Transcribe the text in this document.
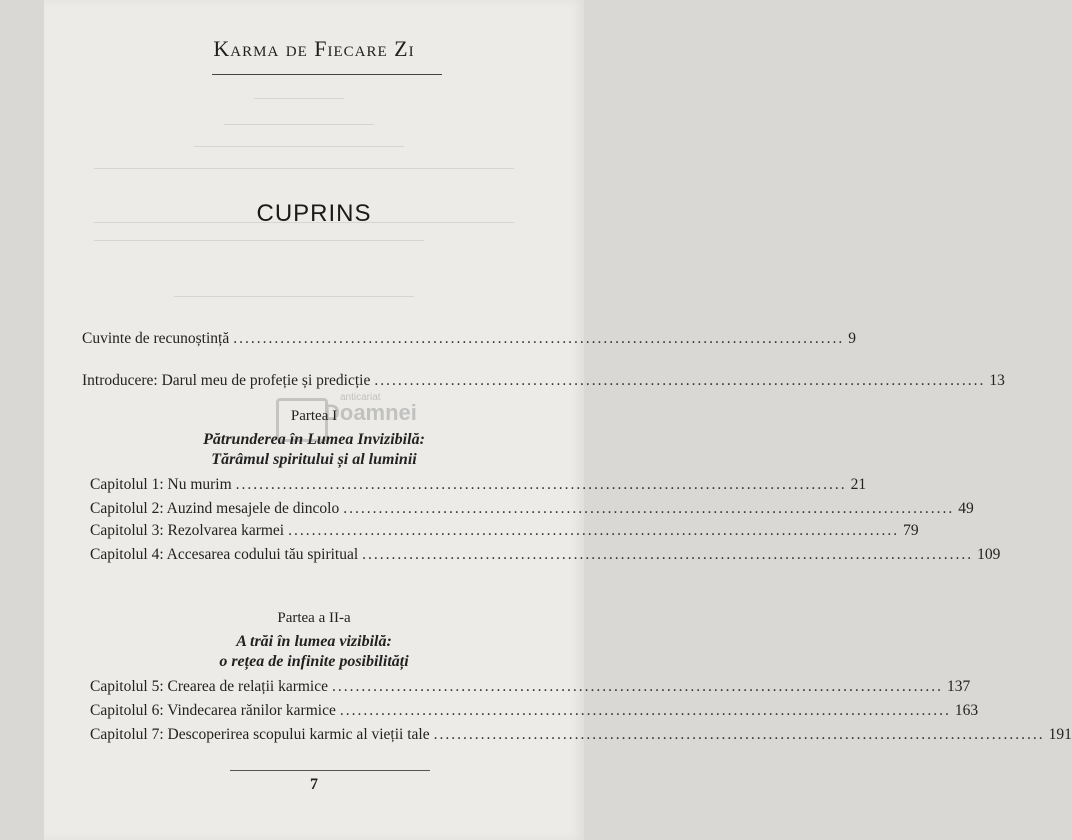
Karma de Fiecare Zi
CUPRINS
Cuvinte de recunoștință ........................................................................................................ 9
Introducere: Darul meu de profeție și predicție ........................................................................................................ 13
anticariat
Doamnei
Partea I
Pătrunderea în Lumea Invizibilă:
Tărâmul spiritului și al luminii
Capitolul 1: Nu murim ........................................................................................................ 21
Capitolul 2: Auzind mesajele de dincolo ........................................................................................................ 49
Capitolul 3: Rezolvarea karmei ........................................................................................................ 79
Capitolul 4: Accesarea codului tău spiritual ........................................................................................................ 109
Partea a II-a
A trăi în lumea vizibilă:
o rețea de infinite posibilități
Capitolul 5: Crearea de relații karmice ........................................................................................................ 137
Capitolul 6: Vindecarea rănilor karmice ........................................................................................................ 163
Capitolul 7: Descoperirea scopului karmic al vieții tale ........................................................................................................ 191
7
